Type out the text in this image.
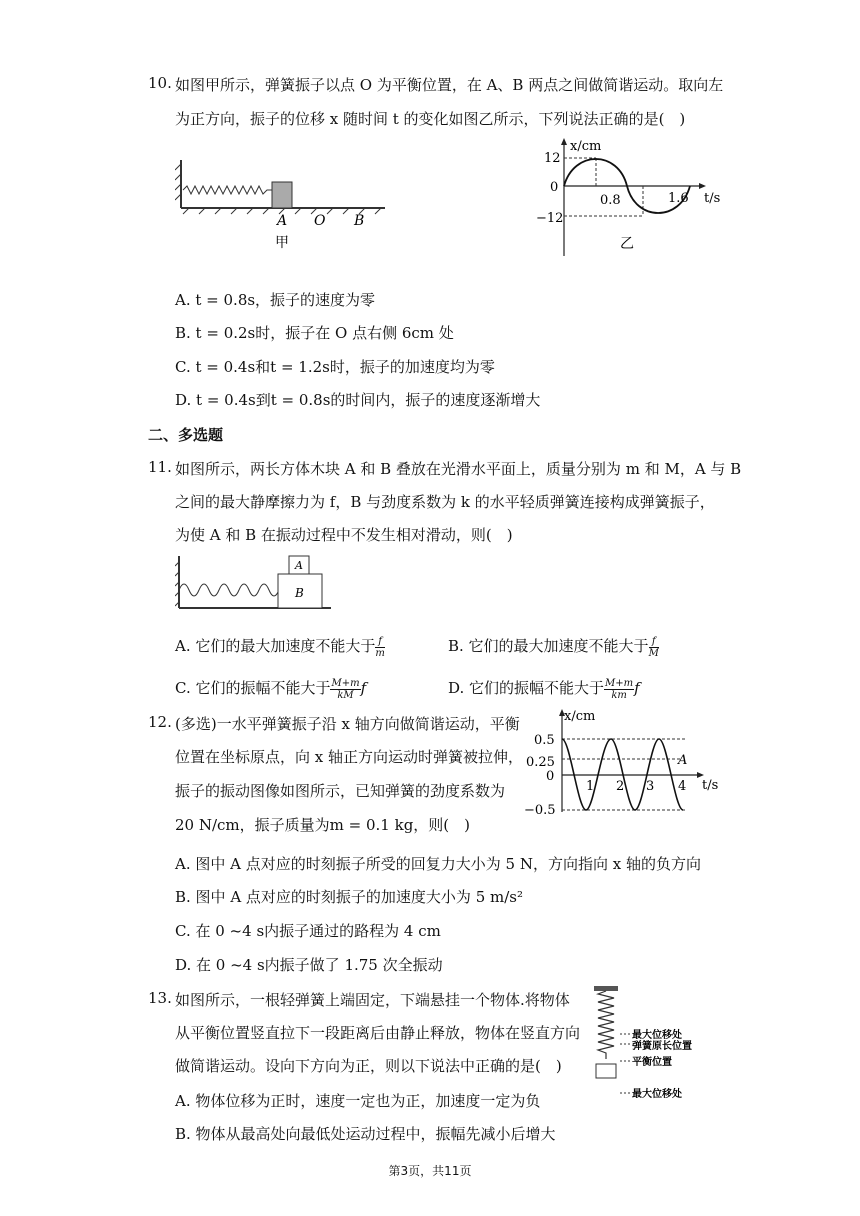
10. 如图甲所示，弹簧振子以点 O 为平衡位置，在 A、B 两点之间做简谐运动。取向左
为正方向，振子的位移 x 随时间 t 的变化如图乙所示，下列说法正确的是(　)
A O B
甲
x/cm
t/s
12
0
−12
0.8	1.6
乙
A. t = 0.8s，振子的速度为零
B. t = 0.2s时，振子在 O 点右侧 6cm 处
C. t = 0.4s和t = 1.2s时，振子的加速度均为零
D. t = 0.4s到t = 0.8s的时间内，振子的速度逐渐增大
二、多选题
11. 如图所示，两长方体木块 A 和 B 叠放在光滑水平面上，质量分别为 m 和 M，A 与 B
之间的最大静摩擦力为 f，B 与劲度系数为 k 的水平轻质弹簧连接构成弹簧振子，
为使 A 和 B 在振动过程中不发生相对滑动，则(　)
A
B
A. 它们的最大加速度不能大于 $\frac{f}{m}$	B. 它们的最大加速度不能大于 $\frac{f}{M}$
C. 它们的振幅不能大于 $\frac{M+m}{kM}$ f	D. 它们的振幅不能大于 $\frac{M+m}{km}$ f
12. (多选)一水平弹簧振子沿 x 轴方向做简谐运动，平衡
位置在坐标原点，向 x 轴正方向运动时弹簧被拉伸，
振子的振动图像如图所示，已知弹簧的劲度系数为
20 N/cm，振子质量为m = 0.1 kg，则(　)
x/cm
t/s
0.5
0.25
0
−0.5
1 2 3 4
A
A. 图中 A 点对应的时刻振子所受的回复力大小为 5 N，方向指向 x 轴的负方向
B. 图中 A 点对应的时刻振子的加速度大小为 5 m/s²
C. 在 0 ~4 s内振子通过的路程为 4 cm
D. 在 0 ~4 s内振子做了 1.75 次全振动
13. 如图所示，一根轻弹簧上端固定，下端悬挂一个物体.将物体
从平衡位置竖直拉下一段距离后由静止释放，物体在竖直方向
做简谐运动。设向下方向为正，则以下说法中正确的是(　)
最大位移处
弹簧原长位置
平衡位置
最大位移处
A. 物体位移为正时，速度一定也为正，加速度一定为负
B. 物体从最高处向最低处运动过程中，振幅先减小后增大
第3页，共11页
